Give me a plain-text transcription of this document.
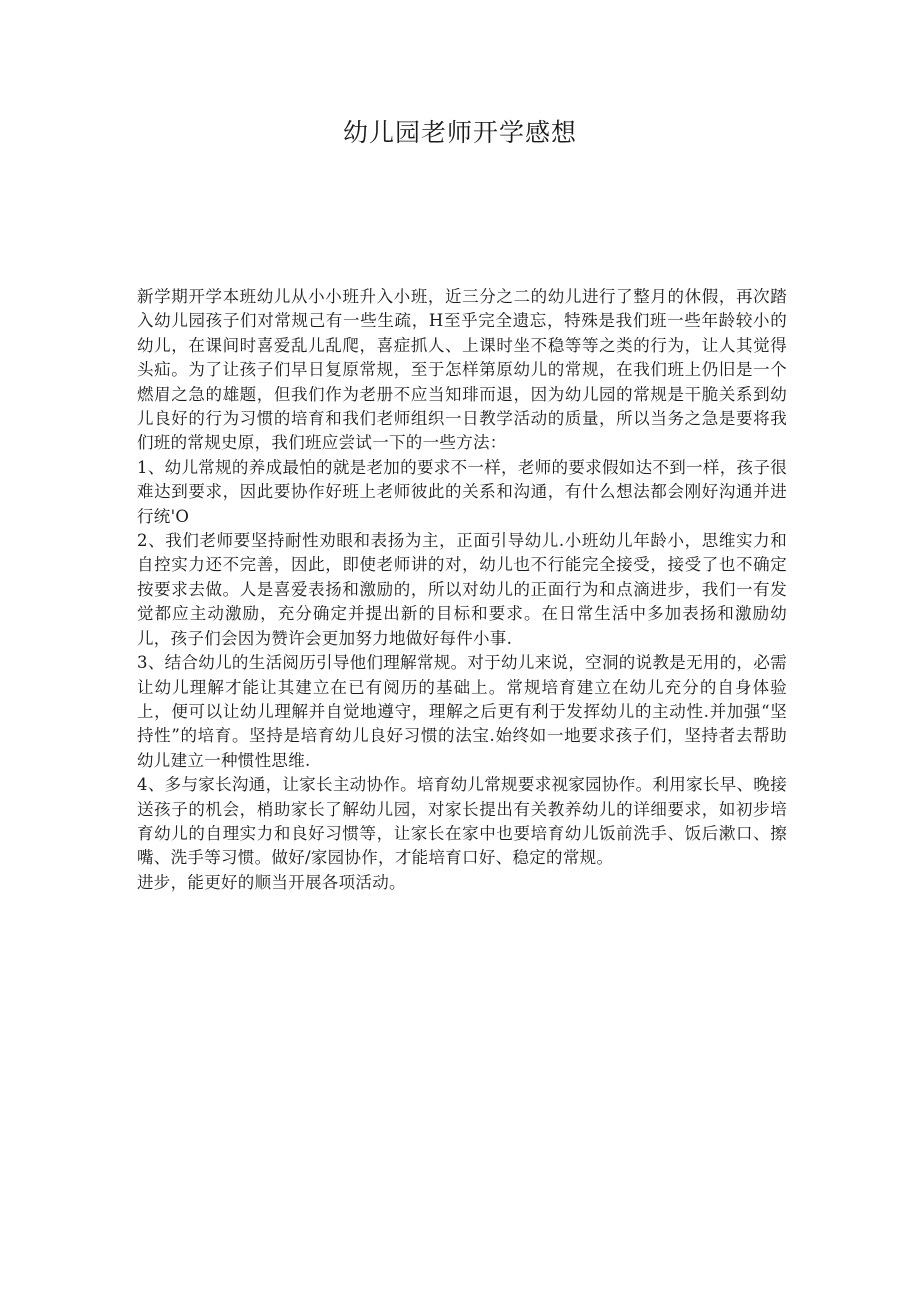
幼儿园老师开学感想

新学期开学本班幼儿从小小班升入小班，近三分之二的幼儿进行了整月的休假，再次踏入幼儿园孩子们对常规己有一些生疏，H至乎完全遗忘，特殊是我们班一些年龄较小的幼儿，在课间时喜爱乱儿乱爬，喜症抓人、上课时坐不稳等等之类的行为，让人其觉得头疝。为了让孩子们早日复原常规，至于怎样第原幼儿的常规，在我们班上仍旧是一个燃眉之急的雄题，但我们作为老册不应当知琲而退，因为幼儿园的常规是干脆关系到幼儿良好的行为习惯的培育和我们老师组织一日教学活动的质量，所以当务之急是要将我们班的常规史原，我们班应尝试一下的一些方法：

1、幼儿常规的养成最怕的就是老加的要求不一样，老师的要求假如达不到一样，孩子很难达到要求，因此要协作好班上老师彼此的关系和沟通，有什么想法都会刚好沟通并进行统'O

2、我们老师要坚持耐性劝眼和表扬为主，正面引导幼儿.小班幼儿年龄小，思维实力和自控实力还不完善，因此，即使老师讲的对，幼儿也不行能完全接受，接受了也不确定按要求去做。人是喜爱表扬和激励的，所以对幼儿的正面行为和点滴进步，我们一有发觉都应主动激励，充分确定并提出新的目标和要求。在日常生活中多加表扬和激励幼儿，孩子们会因为赞许会更加努力地做好每件小事.

3、结合幼儿的生活阅历引导他们理解常规。对于幼儿来说，空洞的说教是无用的，必需让幼儿理解才能让其建立在已有阅历的基础上。常规培育建立在幼儿充分的自身体验上，便可以让幼儿理解并自觉地遵守，理解之后更有利于发挥幼儿的主动性.并加强“坚持性”的培育。坚持是培育幼儿良好习惯的法宝.始终如一地要求孩子们，坚持者去帮助幼儿建立一种惯性思维.

4、多与家长沟通，让家长主动协作。培育幼儿常规要求视家园协作。利用家长早、晚接送孩子的机会，梢助家长了解幼儿园，对家长提出有关教养幼儿的详细要求，如初步培育幼儿的自理实力和良好习惯等，让家长在家中也要培育幼儿饭前洗手、饭后漱口、擦嘴、洗手等习惯。做好/家园协作，才能培育口好、稳定的常规。

进步，能更好的顺当开展各项活动。
